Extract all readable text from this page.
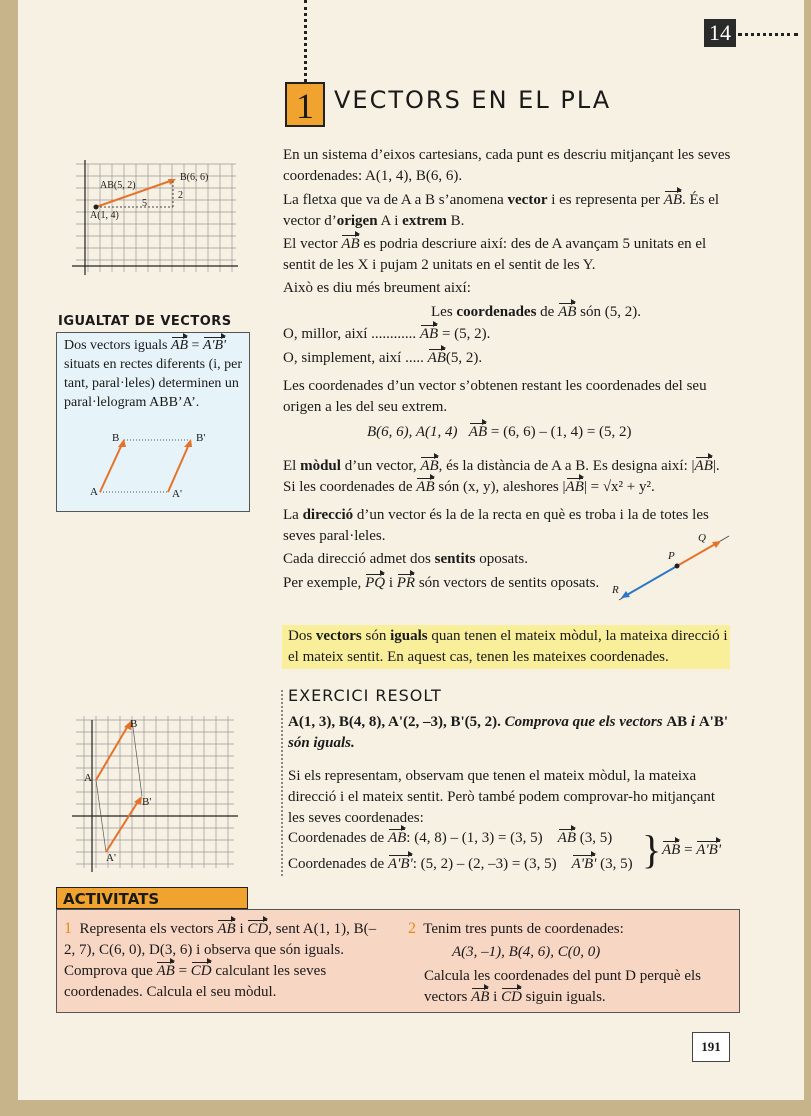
14
1 VECTORS EN EL PLA
B(6, 6)
AB(5, 2)
A(1, 4)
5
2
IGUALTAT DE VECTORS
Dos vectors iguals AB = A'B' situats en rectes diferents (i, per tant, paral·leles) determinen un paral·lelogram ABB’A’.
B	B'
A	A'
En un sistema d’eixos cartesians, cada punt es descriu mitjançant les seves coordenades: A(1, 4), B(6, 6).
La fletxa que va de A a B s’anomena vector i es representa per AB. És el vector d’origen A i extrem B.
El vector AB es podria descriure així: des de A avançam 5 unitats en el sentit de les X i pujam 2 unitats en el sentit de les Y.
Això es diu més breument així:
Les coordenades de AB són (5, 2).
O, millor, així ............ AB = (5, 2).
O, simplement, així ..... AB(5, 2).
Les coordenades d’un vector s’obtenen restant les coordenades del seu origen a les del seu extrem.
B(6, 6), A(1, 4) AB = (6, 6) – (1, 4) = (5, 2)
El mòdul d’un vector, AB, és la distància de A a B. Es designa així: |AB|. Si les coordenades de AB són (x, y), aleshores |AB| = √x² + y².
La direcció d’un vector és la de la recta en què es troba i la de totes les seves paral·leles.
Cada direcció admet dos sentits oposats.
Per exemple, PQ i PR són vectors de sentits oposats.
P
Q
R
Dos vectors són iguals quan tenen el mateix mòdul, la mateixa direcció i el mateix sentit. En aquest cas, tenen les mateixes coordenades.
EXERCICI RESOLT
A(1, 3), B(4, 8), A'(2, –3), B'(5, 2). Comprova que els vectors AB i A'B' són iguals.
Si els representam, observam que tenen el mateix mòdul, la mateixa direcció i el mateix sentit. Però també podem comprovar-ho mitjançant les seves coordenades:
Coordenades de AB: (4, 8) – (1, 3) = (3, 5) AB (3, 5)
Coordenades de A'B': (5, 2) – (2, –3) = (3, 5) A'B' (3, 5) } AB = A'B'
B
A
B'
A'
ACTIVITATS
1 Representa els vectors AB i CD, sent A(1, 1), B(–2, 7), C(6, 0), D(3, 6) i observa que són iguals. Comprova que AB = CD calculant les seves coordenades. Calcula el seu mòdul.
2 Tenim tres punts de coordenades:
A(3, –1), B(4, 6), C(0, 0)
Calcula les coordenades del punt D perquè els vectors AB i CD siguin iguals.
191
